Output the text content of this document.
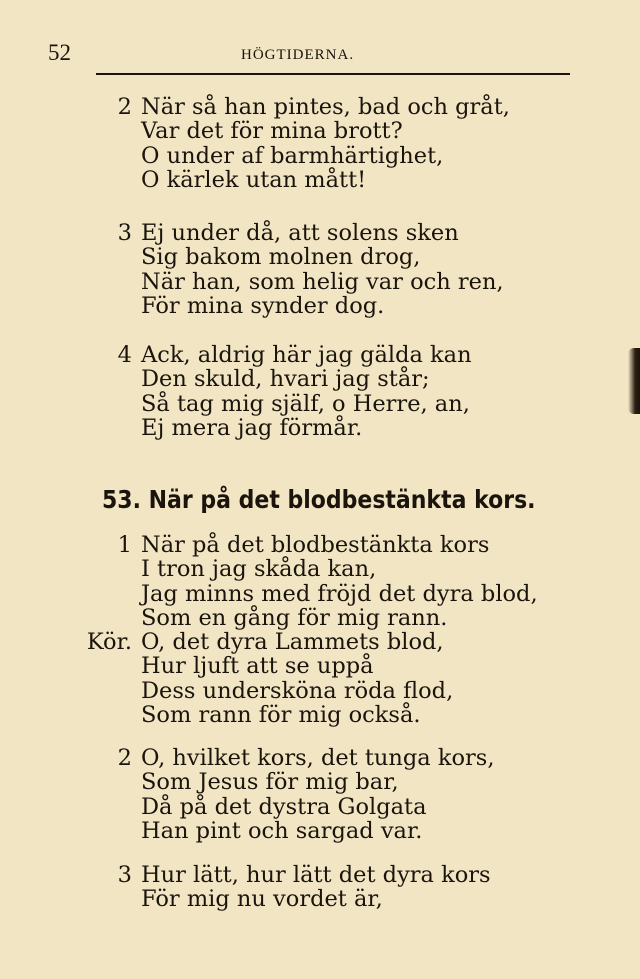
52	HÖGTIDERNA.
2 När så han pintes, bad och gråt,
Var det för mina brott?
O under af barmhärtighet,
O kärlek utan mått!
3 Ej under då, att solens sken
Sig bakom molnen drog,
När han, som helig var och ren,
För mina synder dog.
4 Ack, aldrig här jag gälda kan
Den skuld, hvari jag står;
Så tag mig själf, o Herre, an,
Ej mera jag förmår.
53. När på det blodbestänkta kors.
1 När på det blodbestänkta kors
I tron jag skåda kan,
Jag minns med fröjd det dyra blod,
Som en gång för mig rann.
Kör. O, det dyra Lammets blod,
Hur ljuft att se uppå
Dess undersköna röda flod,
Som rann för mig också.
2 O, hvilket kors, det tunga kors,
Som Jesus för mig bar,
Då på det dystra Golgata
Han pint och sargad var.
3 Hur lätt, hur lätt det dyra kors
För mig nu vordet är,
